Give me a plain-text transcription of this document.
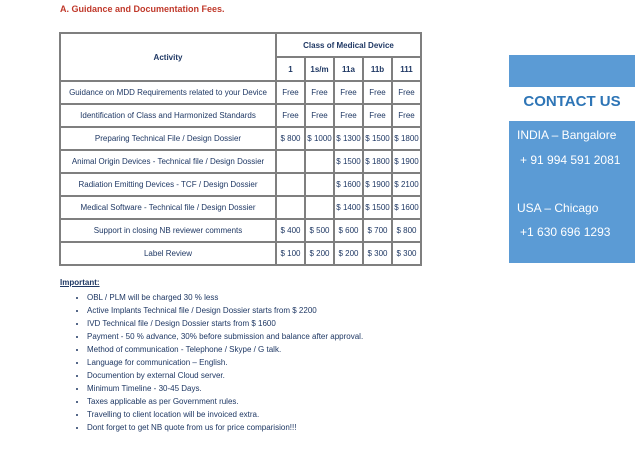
A. Guidance and Documentation Fees.
Activity	Class of Medical Device				
	1	1s/m	11a	11b	111
Guidance on MDD Requirements related to your Device	Free	Free	Free	Free	Free
Identification of Class and Harmonized Standards	Free	Free	Free	Free	Free
Preparing Technical File / Design Dossier	$ 800	$ 1000	$ 1300	$ 1500	$ 1800
Animal Origin Devices - Technical file / Design Dossier			$ 1500	$ 1800	$ 1900
Radiation Emitting Devices - TCF / Design Dossier			$ 1600	$ 1900	$ 2100
Medical Software - Technical file / Design Dossier			$ 1400	$ 1500	$ 1600
Support in closing NB reviewer comments	$ 400	$ 500	$ 600	$ 700	$ 800
Label Review	$ 100	$ 200	$ 200	$ 300	$ 300
Important:
• OBL / PLM will be charged 30 % less
• Active Implants Technical file / Design Dossier starts from $ 2200
• IVD Technical file / Design Dossier starts from $ 1600
• Payment - 50 % advance, 30% before submission and balance after approval.
• Method of communication - Telephone / Skype / G talk.
• Language for communication – English.
• Documention by external Cloud server.
• Minimum Timeline - 30-45 Days.
• Taxes applicable as per Government rules.
• Travelling to client location will be invoiced extra.
• Dont forget to get NB quote from us for price comparision!!!
CONTACT US
INDIA – Bangalore
+ 91 994 591 2081
USA – Chicago
+1 630 696 1293
